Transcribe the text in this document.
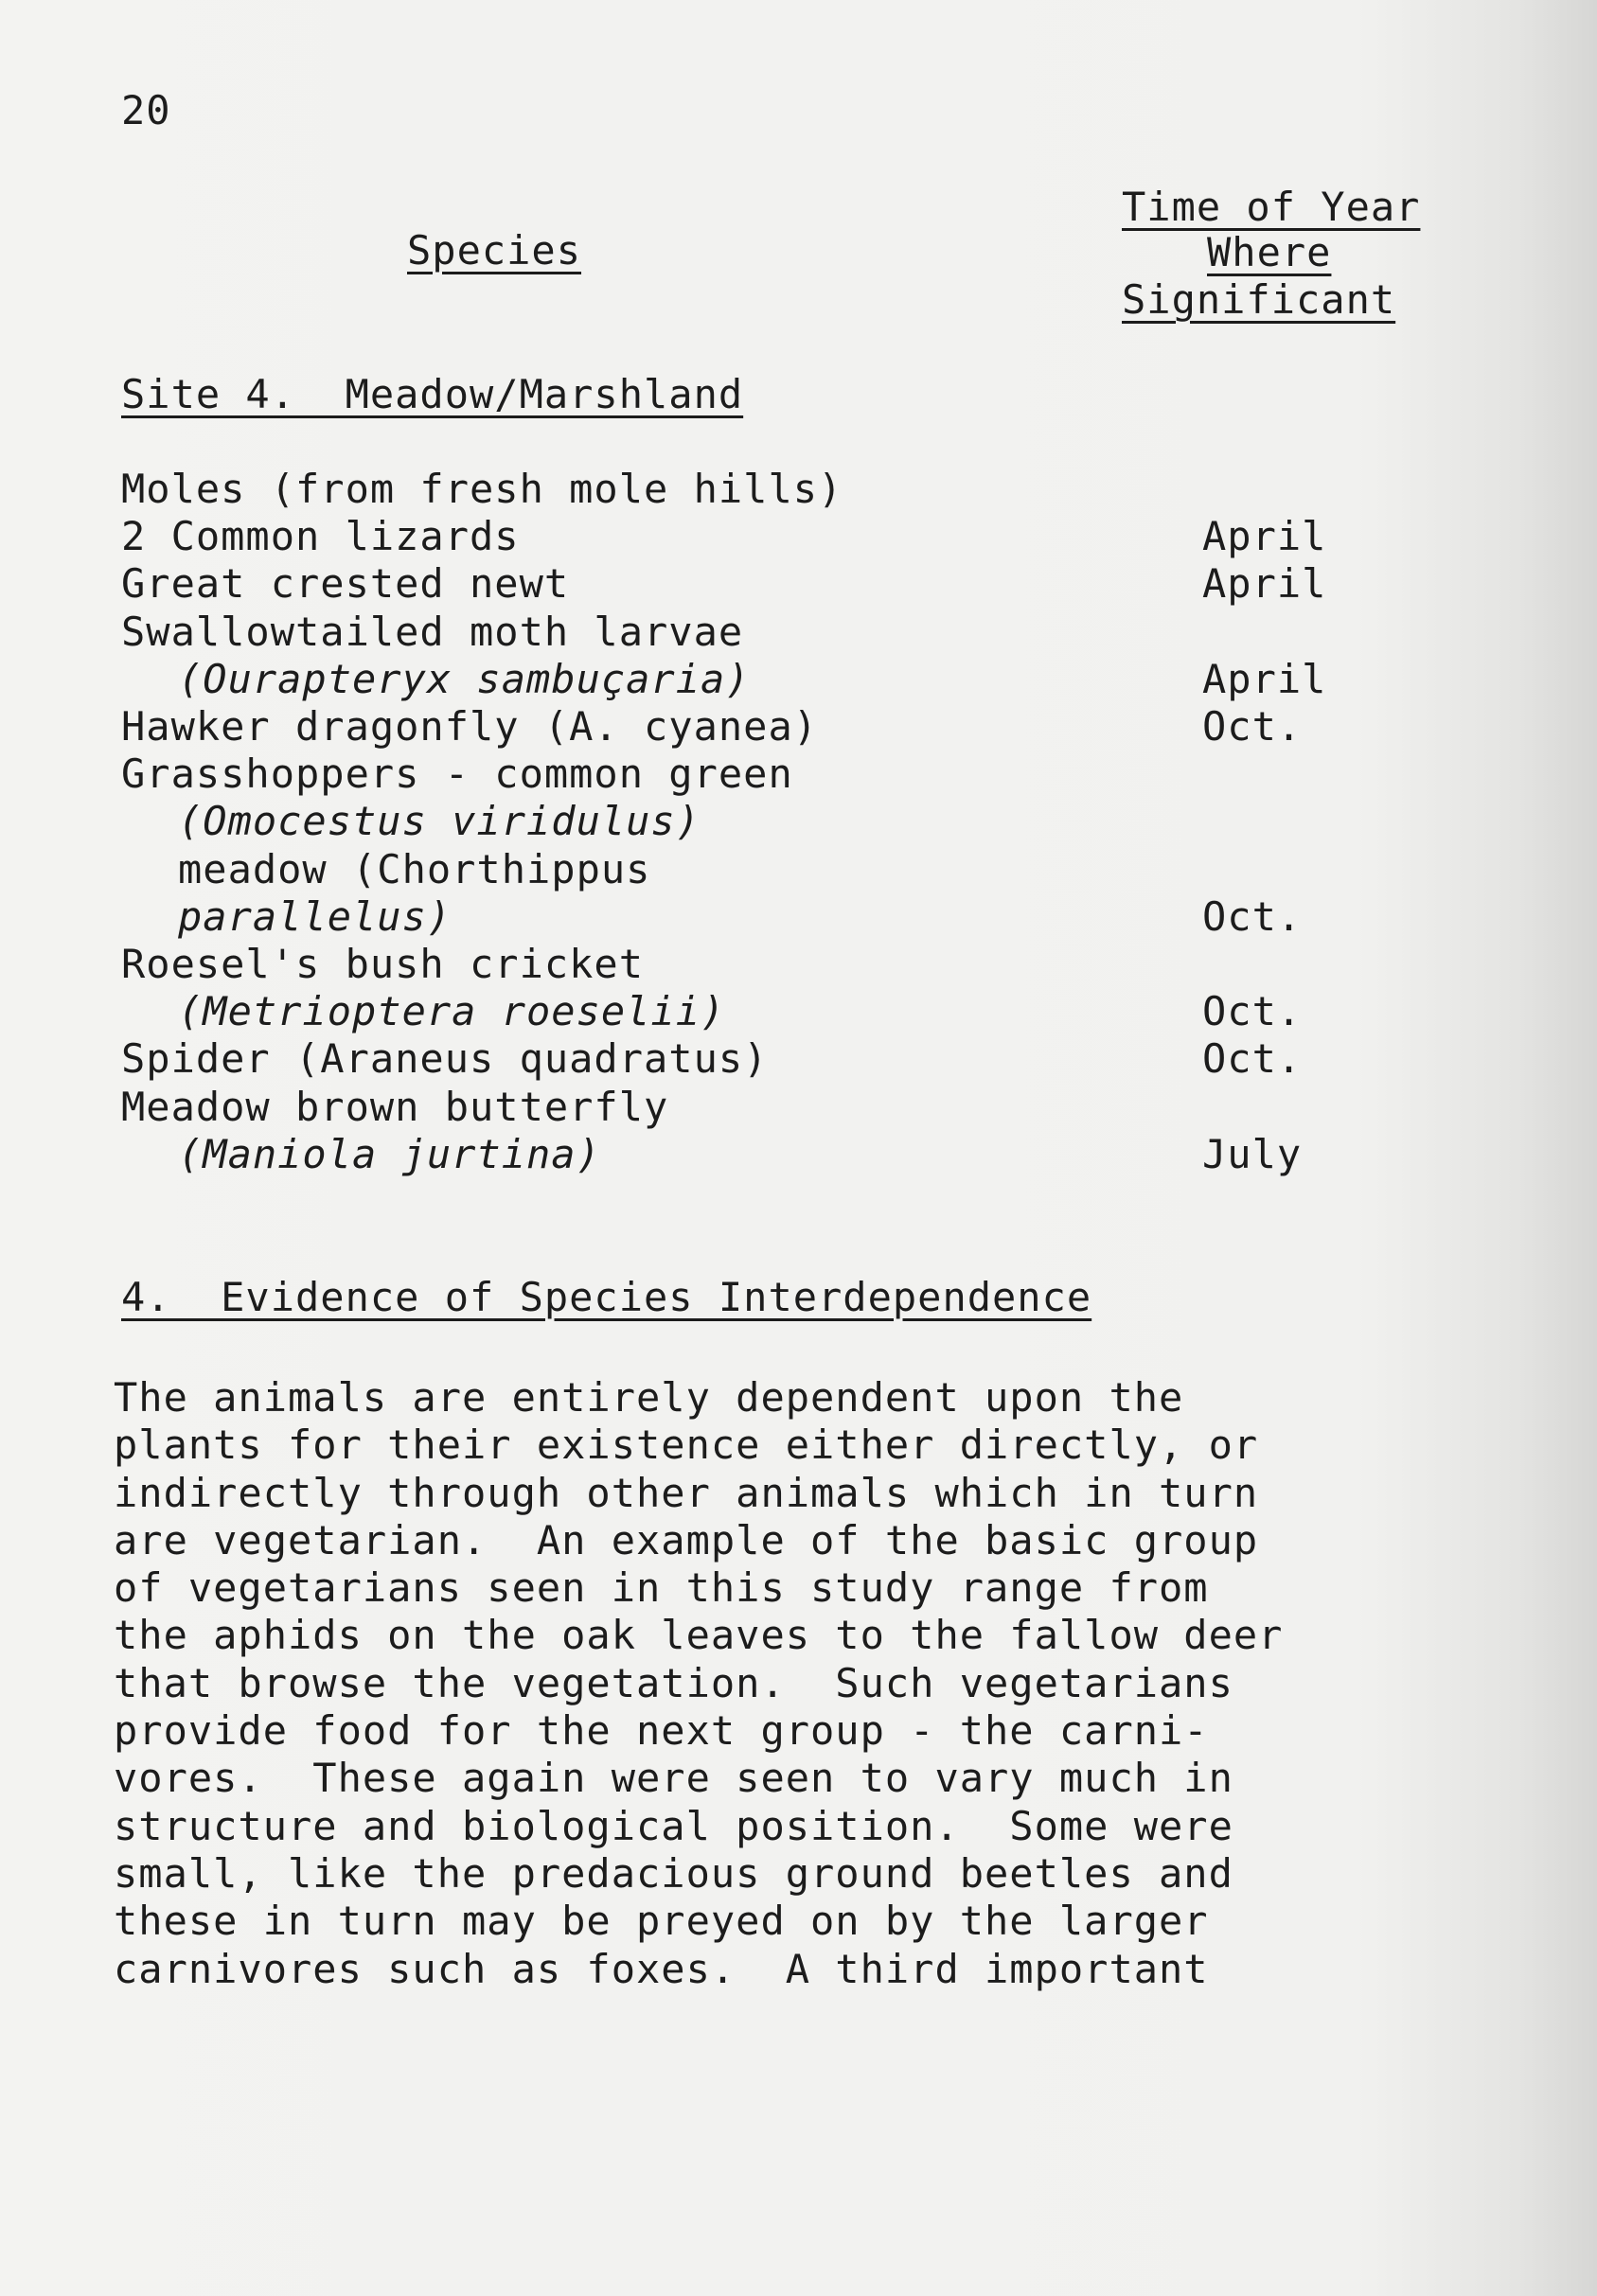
20
Species
Time of Year
Where
Significant
Site 4.  Meadow/Marshland
Moles (from fresh mole hills)
2 Common lizards	April
Great crested newt	April
Swallowtailed moth larvae
(Ourapteryx sambuçaria)	April
Hawker dragonfly (A. cyanea)	Oct.
Grasshoppers - common green
(Omocestus viridulus)
meadow (Chorthippus
parallelus)	Oct.
Roesel's bush cricket
(Metrioptera roeselii)	Oct.
Spider (Araneus quadratus)	Oct.
Meadow brown butterfly
(Maniola jurtina)	July
4.  Evidence of Species Interdependence
The animals are entirely dependent upon the
plants for their existence either directly, or
indirectly through other animals which in turn
are vegetarian.  An example of the basic group
of vegetarians seen in this study range from
the aphids on the oak leaves to the fallow deer
that browse the vegetation.  Such vegetarians
provide food for the next group - the carni-
vores.  These again were seen to vary much in
structure and biological position.  Some were
small, like the predacious ground beetles and
these in turn may be preyed on by the larger
carnivores such as foxes.  A third important
